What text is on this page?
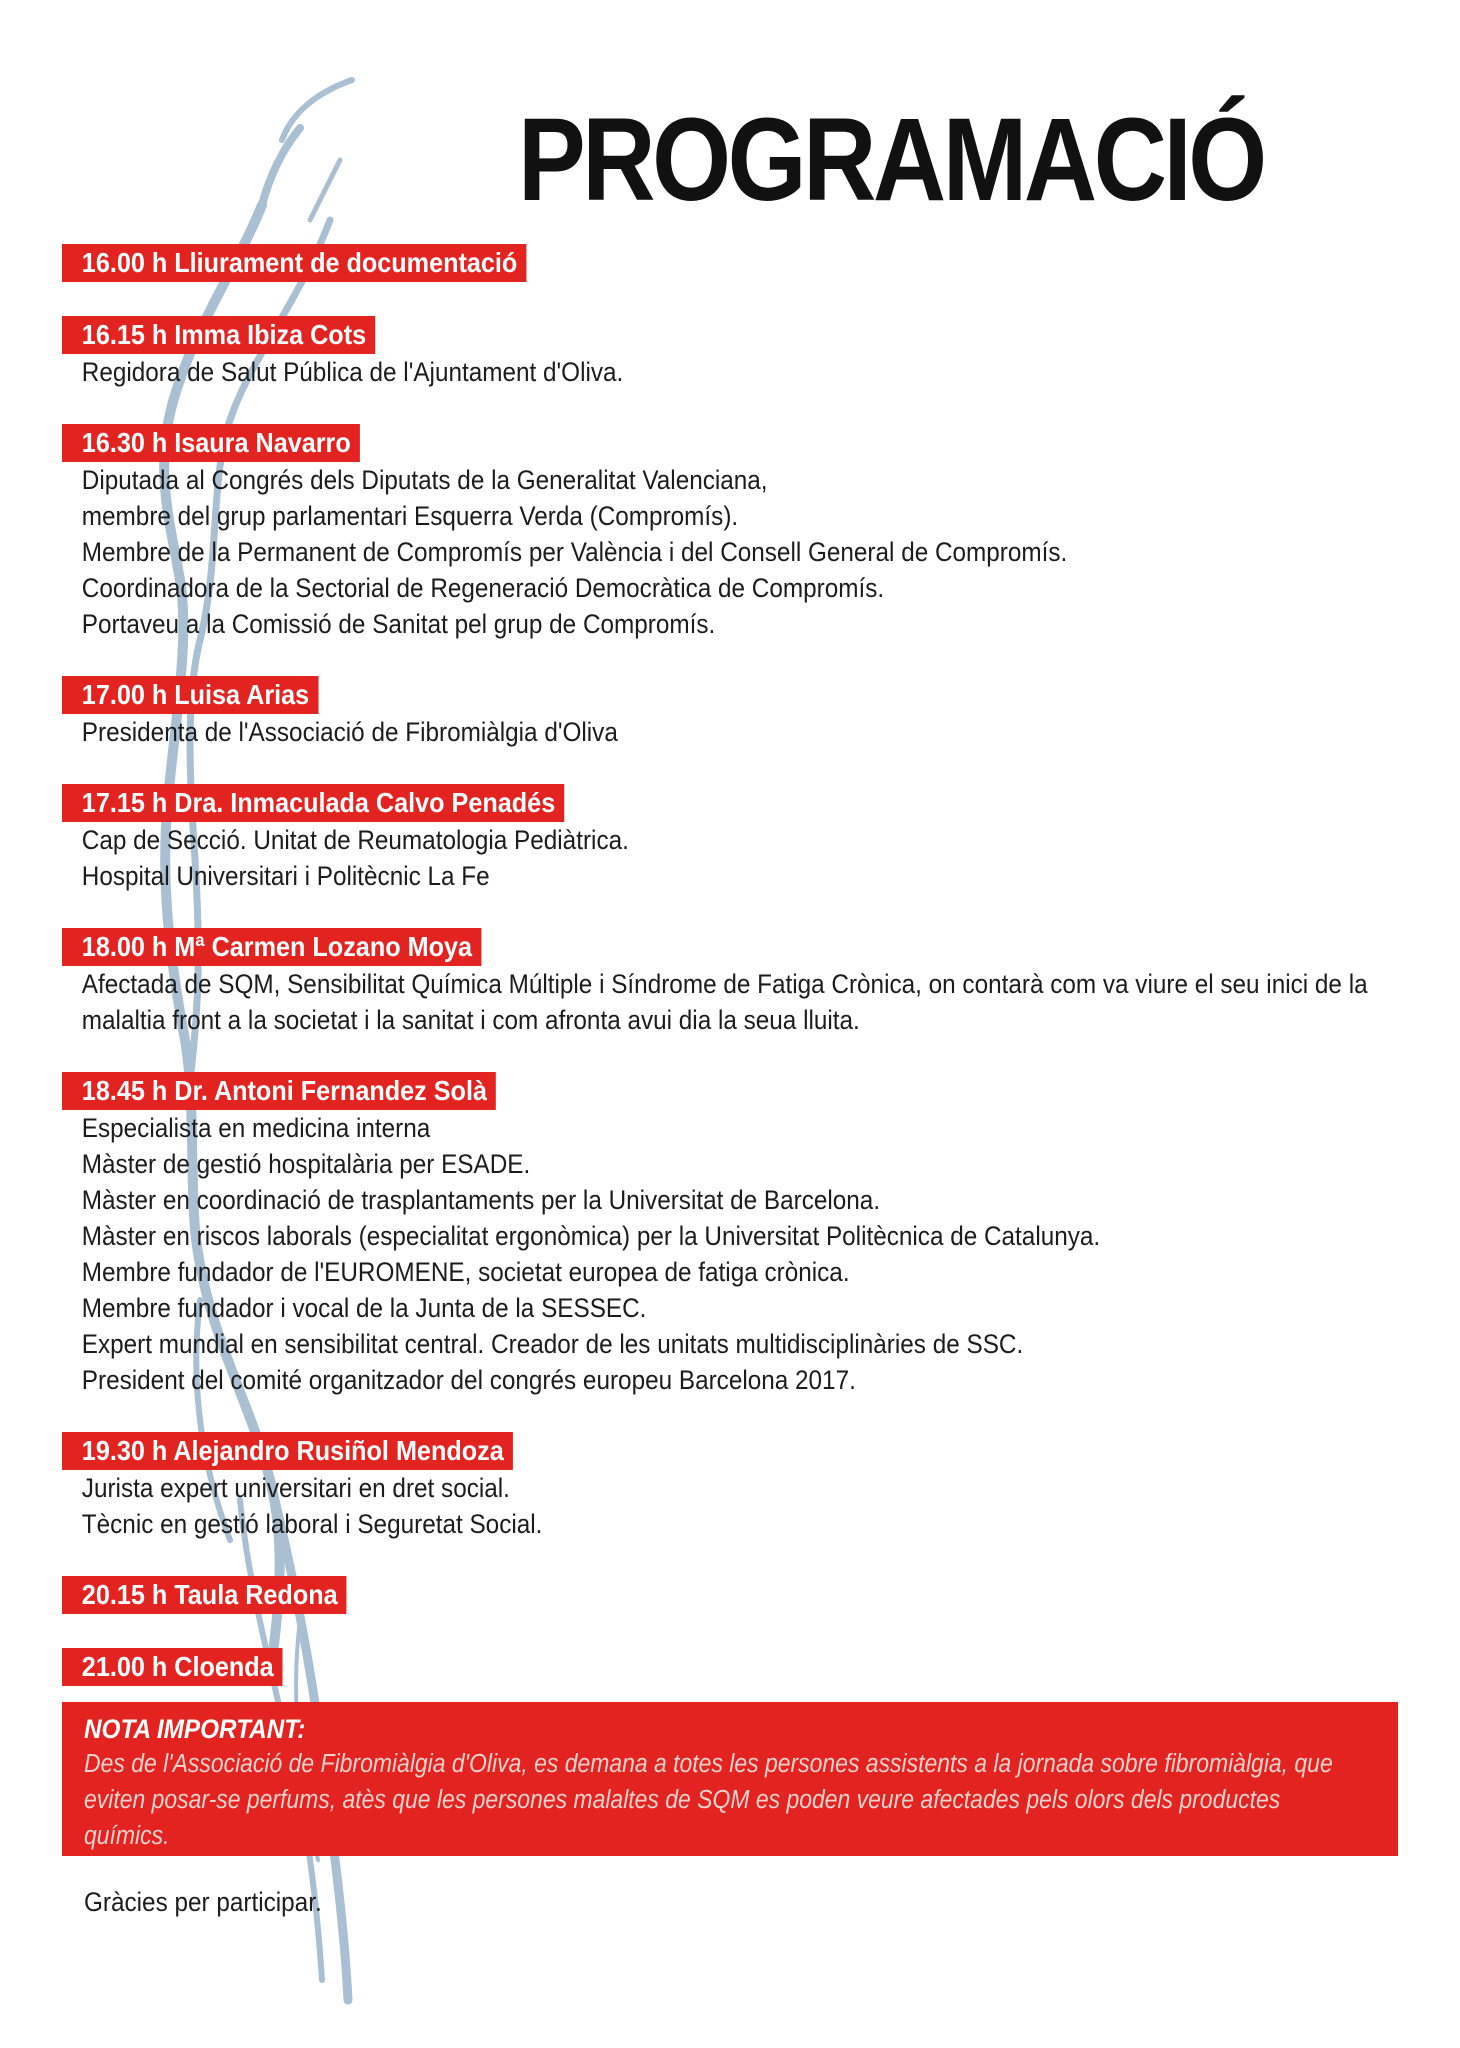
PROGRAMACIÓ
16.00 h Lliurament de documentació
16.15 h Imma Ibiza Cots
Regidora de Salut Pública de l'Ajuntament d'Oliva.
16.30 h Isaura Navarro
Diputada al Congrés dels Diputats de la Generalitat Valenciana,
membre del grup parlamentari Esquerra Verda (Compromís).
Membre de la Permanent de Compromís per València i del Consell General de Compromís.
Coordinadora de la Sectorial de Regeneració Democràtica de Compromís.
Portaveu a la Comissió de Sanitat pel grup de Compromís.
17.00 h Luisa Arias
Presidenta de l'Associació de Fibromiàlgia d'Oliva
17.15 h Dra. Inmaculada Calvo Penadés
Cap de Secció. Unitat de Reumatologia Pediàtrica.
Hospital Universitari i Politècnic La Fe
18.00 h Mª Carmen Lozano Moya
Afectada de SQM, Sensibilitat Química Múltiple i Síndrome de Fatiga Crònica, on contarà com va viure el seu inici de la
malaltia front a la societat i la sanitat i com afronta avui dia la seua lluita.
18.45 h Dr. Antoni Fernandez Solà
Especialista en medicina interna
Màster de gestió hospitalària per ESADE.
Màster en coordinació de trasplantaments per la Universitat de Barcelona.
Màster en riscos laborals (especialitat ergonòmica) per la Universitat Politècnica de Catalunya.
Membre fundador de l'EUROMENE, societat europea de fatiga crònica.
Membre fundador i vocal de la Junta de la SESSEC.
Expert mundial en sensibilitat central. Creador de les unitats multidisciplinàries de SSC.
President del comité organitzador del congrés europeu Barcelona 2017.
19.30 h Alejandro Rusiñol Mendoza
Jurista expert universitari en dret social.
Tècnic en gestió laboral i Seguretat Social.
20.15 h Taula Redona
21.00 h Cloenda
NOTA IMPORTANT:
Des de l'Associació de Fibromiàlgia d'Oliva, es demana a totes les persones assistents a la jornada sobre fibromiàlgia, que
eviten posar-se perfums, atès que les persones malaltes de SQM es poden veure afectades pels olors dels productes
químics.
Gràcies per participar.
